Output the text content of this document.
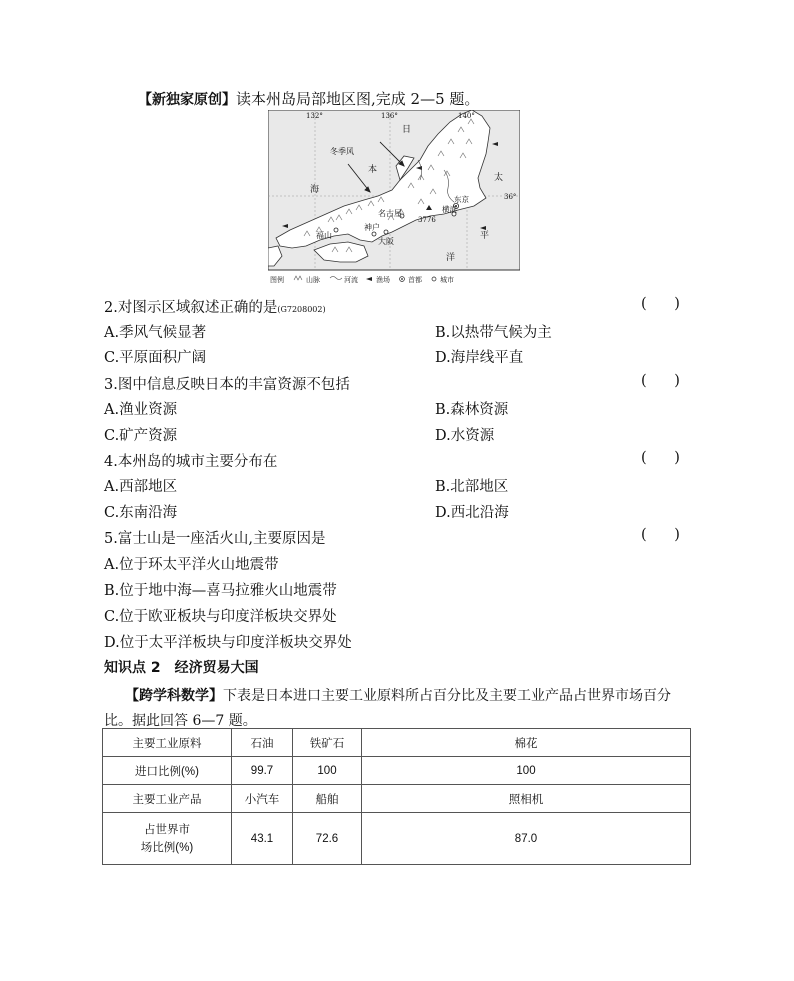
【新独家原创】读本州岛局部地区图,完成 2—5 题。
132°	136°	140°
36°
日
本
海
太
平
洋
冬季风
名古屋
神户
大阪
福山
东京
横滨
3776
图例	山脉	河流	渔场	首都	城市
2.对图示区域叙述正确的是(G7208002)	(      )
A.季风气候显著	B.以热带气候为主
C.平原面积广阔	D.海岸线平直
3.图中信息反映日本的丰富资源不包括	(      )
A.渔业资源	B.森林资源
C.矿产资源	D.水资源
4.本州岛的城市主要分布在	(      )
A.西部地区	B.北部地区
C.东南沿海	D.西北沿海
5.富士山是一座活火山,主要原因是	(      )
A.位于环太平洋火山地震带
B.位于地中海—喜马拉雅火山地震带
C.位于欧亚板块与印度洋板块交界处
D.位于太平洋板块与印度洋板块交界处
知识点 2　经济贸易大国
  【跨学科数学】下表是日本进口主要工业原料所占百分比及主要工业产品占世界市场百分比。据此回答 6—7 题。
主要工业原料	石油	铁矿石	棉花
进口比例(%)	99.7	100	100
主要工业产品	小汽车	船舶	照相机
占世界市
场比例(%)	43.1	72.6	87.0
